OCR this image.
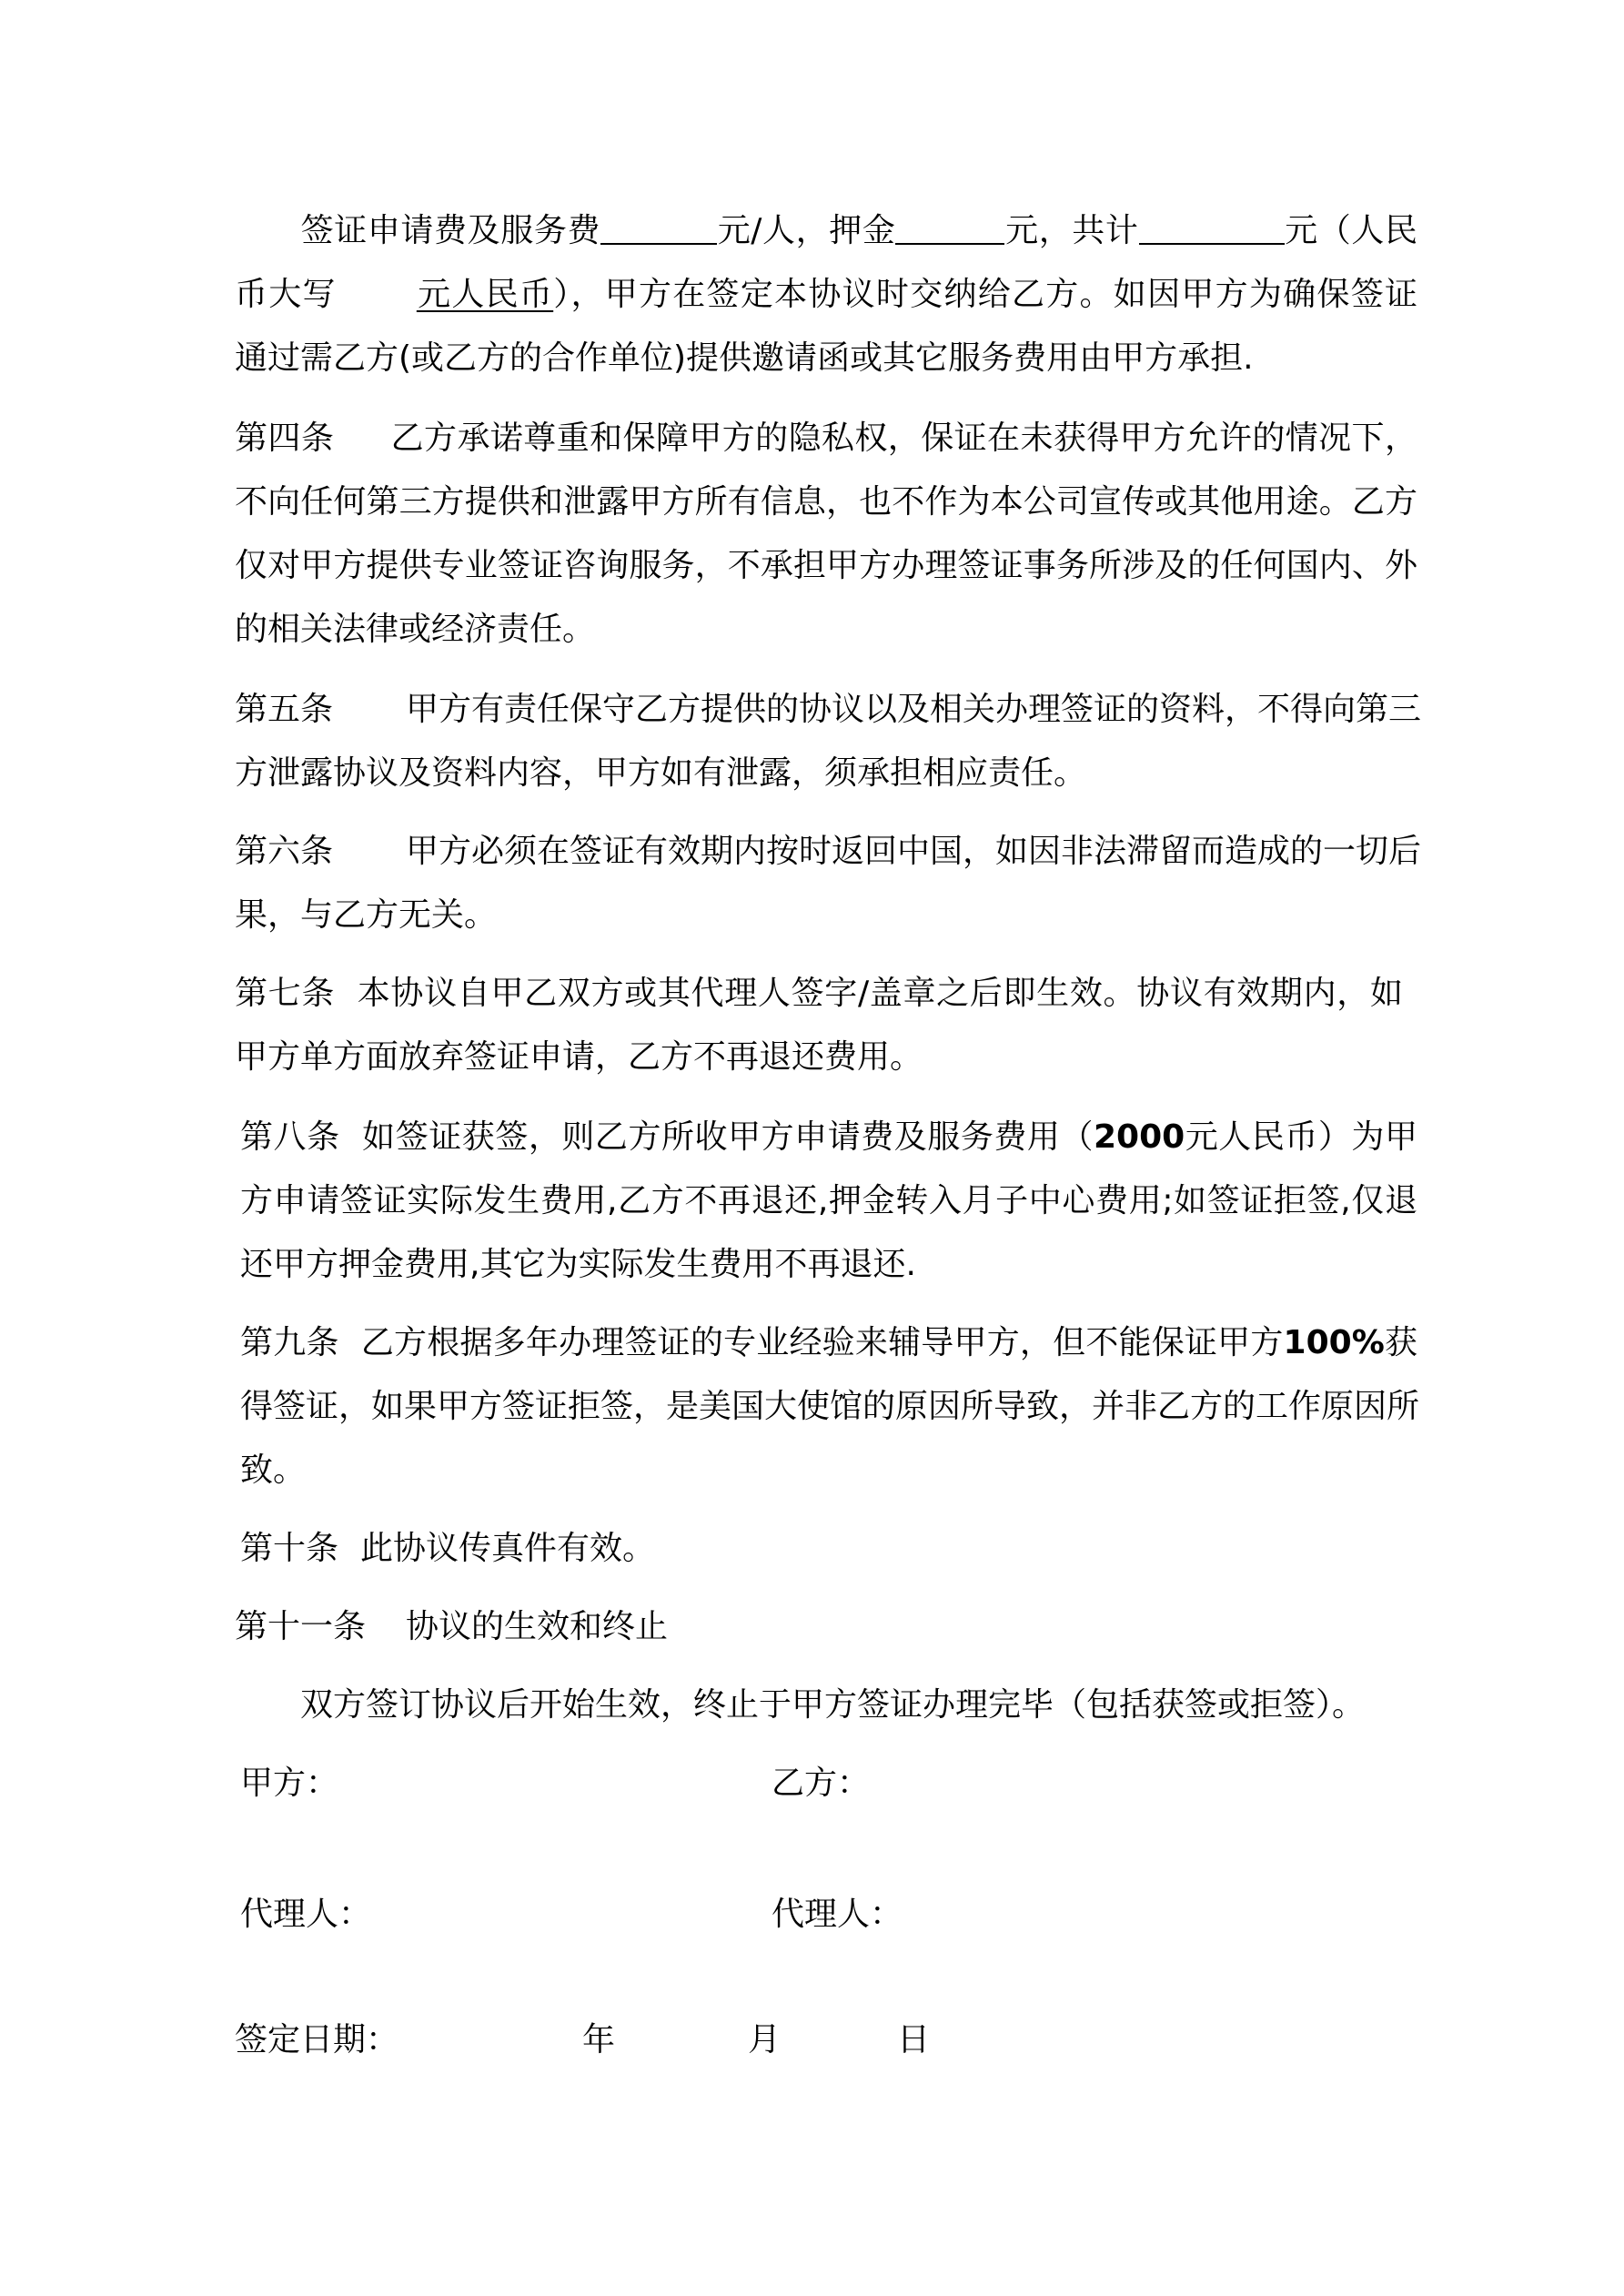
签证申请费及服务费	元/人，押金	元，共计	元（人民
币大写 元人民币），甲方在签定本协议时交纳给乙方。如因甲方为确保签证
通过需乙方(或乙方的合作单位)提供邀请函或其它服务费用由甲方承担.
第四条 乙方承诺尊重和保障甲方的隐私权，保证在未获得甲方允许的情况下，
不向任何第三方提供和泄露甲方所有信息，也不作为本公司宣传或其他用途。乙方
仅对甲方提供专业签证咨询服务，不承担甲方办理签证事务所涉及的任何国内、外
的相关法律或经济责任。
第五条 甲方有责任保守乙方提供的协议以及相关办理签证的资料，不得向第三
方泄露协议及资料内容，甲方如有泄露，须承担相应责任。
第六条 甲方必须在签证有效期内按时返回中国，如因非法滞留而造成的一切后
果，与乙方无关。
第七条 本协议自甲乙双方或其代理人签字/盖章之后即生效。协议有效期内，如
甲方单方面放弃签证申请，乙方不再退还费用。
第八条 如签证获签，则乙方所收甲方申请费及服务费用（2000元人民币）为甲
方申请签证实际发生费用,乙方不再退还,押金转入月子中心费用;如签证拒签,仅退
还甲方押金费用,其它为实际发生费用不再退还.
第九条 乙方根据多年办理签证的专业经验来辅导甲方，但不能保证甲方100%获
得签证，如果甲方签证拒签，是美国大使馆的原因所导致，并非乙方的工作原因所
致。
第十条 此协议传真件有效。
第十一条 协议的生效和终止
双方签订协议后开始生效，终止于甲方签证办理完毕（包括获签或拒签）。
甲方：	乙方：
代理人：	代理人：
签定日期：	年	月	日
